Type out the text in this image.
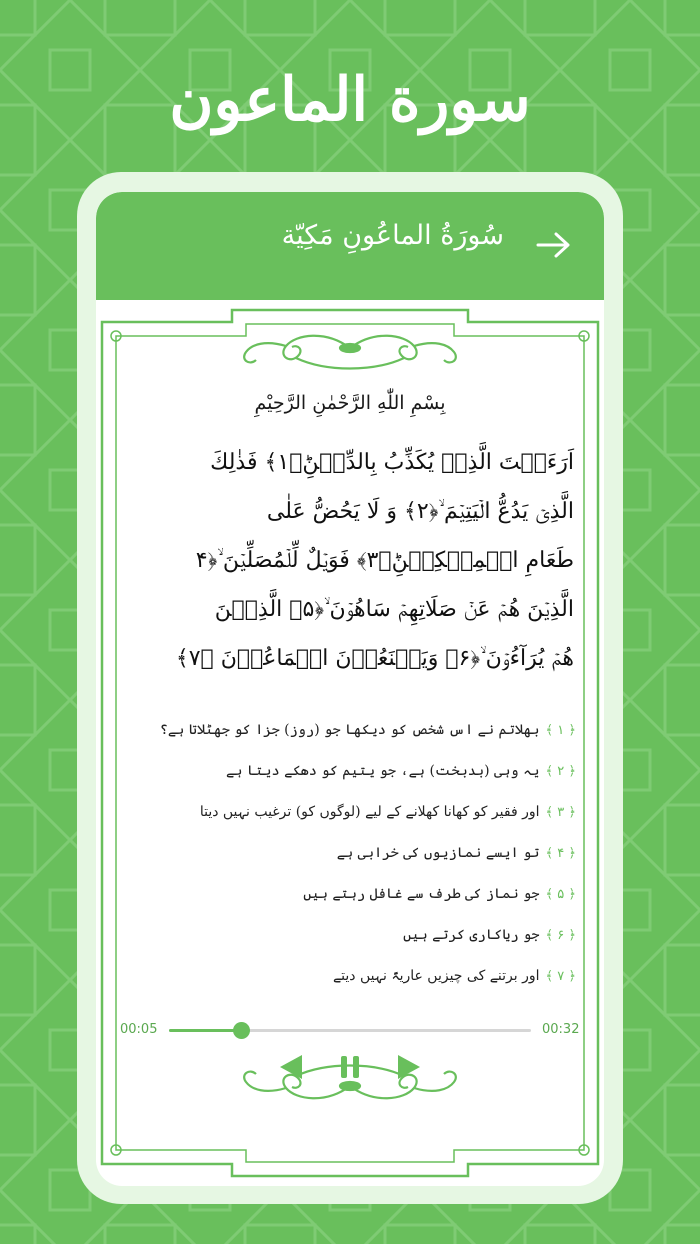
سورة الماعون
سُورَةُ الماعُونِ مَكِيّة
بِسْمِ اللّٰهِ الرَّحْمٰنِ الرَّحِيْمِ
اَرَءَيۡتَ الَّذِیۡ یُکَذِّبُ بِالدِّیۡنِؕ﴿۱﴾ فَذٰلِكَ
الَّذِیۡ یَدُعُّ الۡیَتِیۡمَ ۙ﴿۲﴾ وَ لَا یَحُضُّ عَلٰی
طَعَامِ الۡمِسۡکِیۡنِؕ﴿۳﴾ فَوَیۡلٌ لِّلۡمُصَلِّیۡنَ ۙ﴿۴
الَّذِیۡنَ هُمۡ عَنۡ صَلَاتِهِمۡ سَاهُوۡنَ ۙ﴿۵﴾ الَّذِیۡنَ
هُمۡ یُرَآءُوۡنَ ۙ﴿۶﴾ وَیَمۡنَعُوۡنَ الۡمَاعُوۡنَ ﴿۷﴾
﴿ ۱ ﴾بھلاتم نے اس شخص کو دیکھا جو (روز) جزا کو جھٹلاتا ہے؟
﴿ ۲ ﴾یہ وہی (بدبخت) ہے، جو یتیم کو دھکے دیتا ہے
﴿ ۳ ﴾اور فقیر کو کھانا کھلانے کے لیے (لوگوں کو) ترغیب نہیں دیتا
﴿ ۴ ﴾تو ایسے نمازیوں کی خرابی ہے
﴿ ۵ ﴾جو نماز کی طرف سے غافل رہتے ہیں
﴿ ۶ ﴾جو ریاکاری کرتے ہیں
﴿ ۷ ﴾اور برتنے کی چیزیں عاریۃً نہیں دیتے
00:05	00:32
